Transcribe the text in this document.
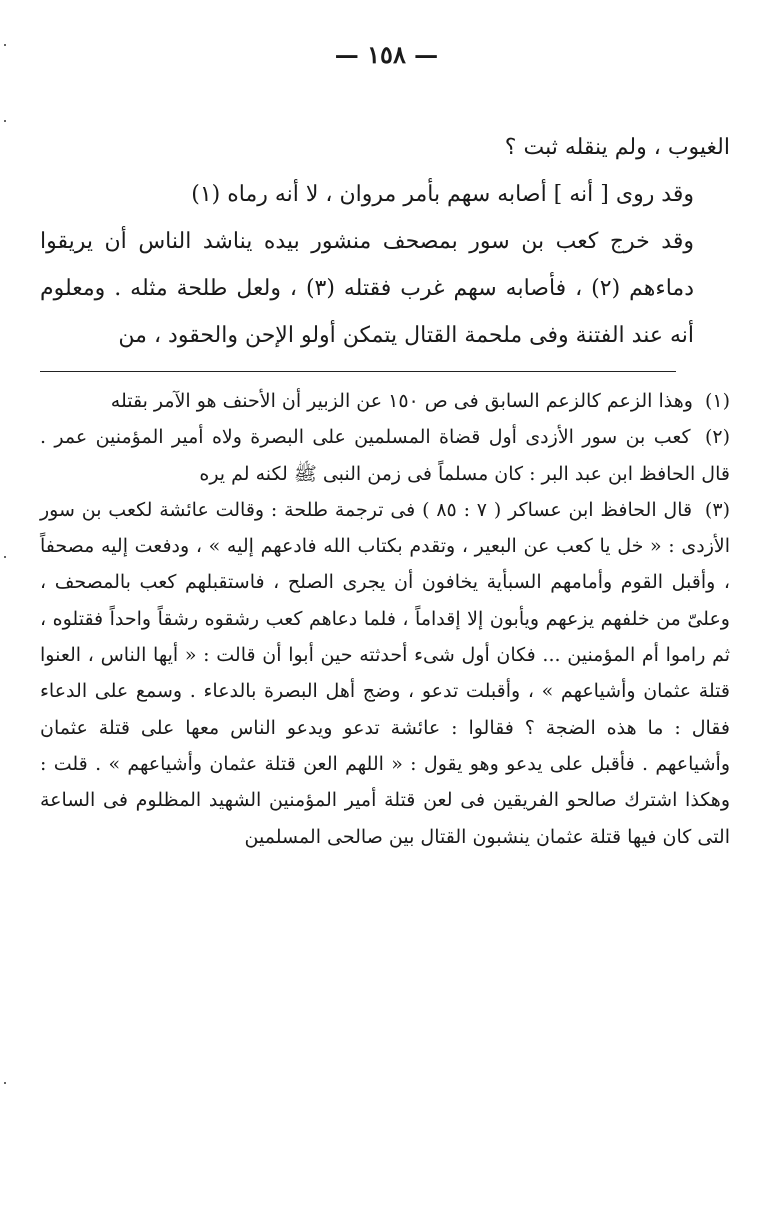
— ١٥٨ —

الغيوب ، ولم ينقله ثبت ؟

وقد روى [ أنه ] أصابه سهم بأمر مروان ، لا أنه رماه (١)

وقد خرج كعب بن سور بمصحف منشور بيده يناشد الناس أن يريقوا دماءهم (٢) ، فأصابه سهم غرب فقتله (٣) ، ولعل طلحة مثله . ومعلوم أنه عند الفتنة وفى ملحمة القتال يتمكن أولو الإحن والحقود ، من

(١) وهذا الزعم كالزعم السابق فى ص ١٥٠ عن الزبير أن الأحنف هو الآمر بقتله

(٢) كعب بن سور الأزدى أول قضاة المسلمين على البصرة ولاه أمير المؤمنين عمر . قال الحافظ ابن عبد البر : كان مسلماً فى زمن النبى ﷺ لكنه لم يره

(٣) قال الحافظ ابن عساكر ( ٧ : ٨٥ ) فى ترجمة طلحة : وقالت عائشة لكعب بن سور الأزدى : « خل يا كعب عن البعير ، وتقدم بكتاب الله فادعهم إليه » ، ودفعت إليه مصحفاً ، وأقبل القوم وأمامهم السبأية يخافون أن يجرى الصلح ، فاستقبلهم كعب بالمصحف ، وعلىّ من خلفهم يزعهم ويأبون إلا إقداماً ، فلما دعاهم كعب رشقوه رشقاً واحداً فقتلوه ، ثم راموا أم المؤمنين ... فكان أول شىء أحدثته حين أبوا أن قالت : « أيها الناس ، العنوا قتلة عثمان وأشياعهم » ، وأقبلت تدعو ، وضج أهل البصرة بالدعاء . وسمع على الدعاء فقال : ما هذه الضجة ؟ فقالوا : عائشة تدعو ويدعو الناس معها على قتلة عثمان وأشياعهم . فأقبل على يدعو وهو يقول : « اللهم العن قتلة عثمان وأشياعهم » . قلت : وهكذا اشترك صالحو الفريقين فى لعن قتلة أمير المؤمنين الشهيد المظلوم فى الساعة التى كان فيها قتلة عثمان ينشبون القتال بين صالحى المسلمين
